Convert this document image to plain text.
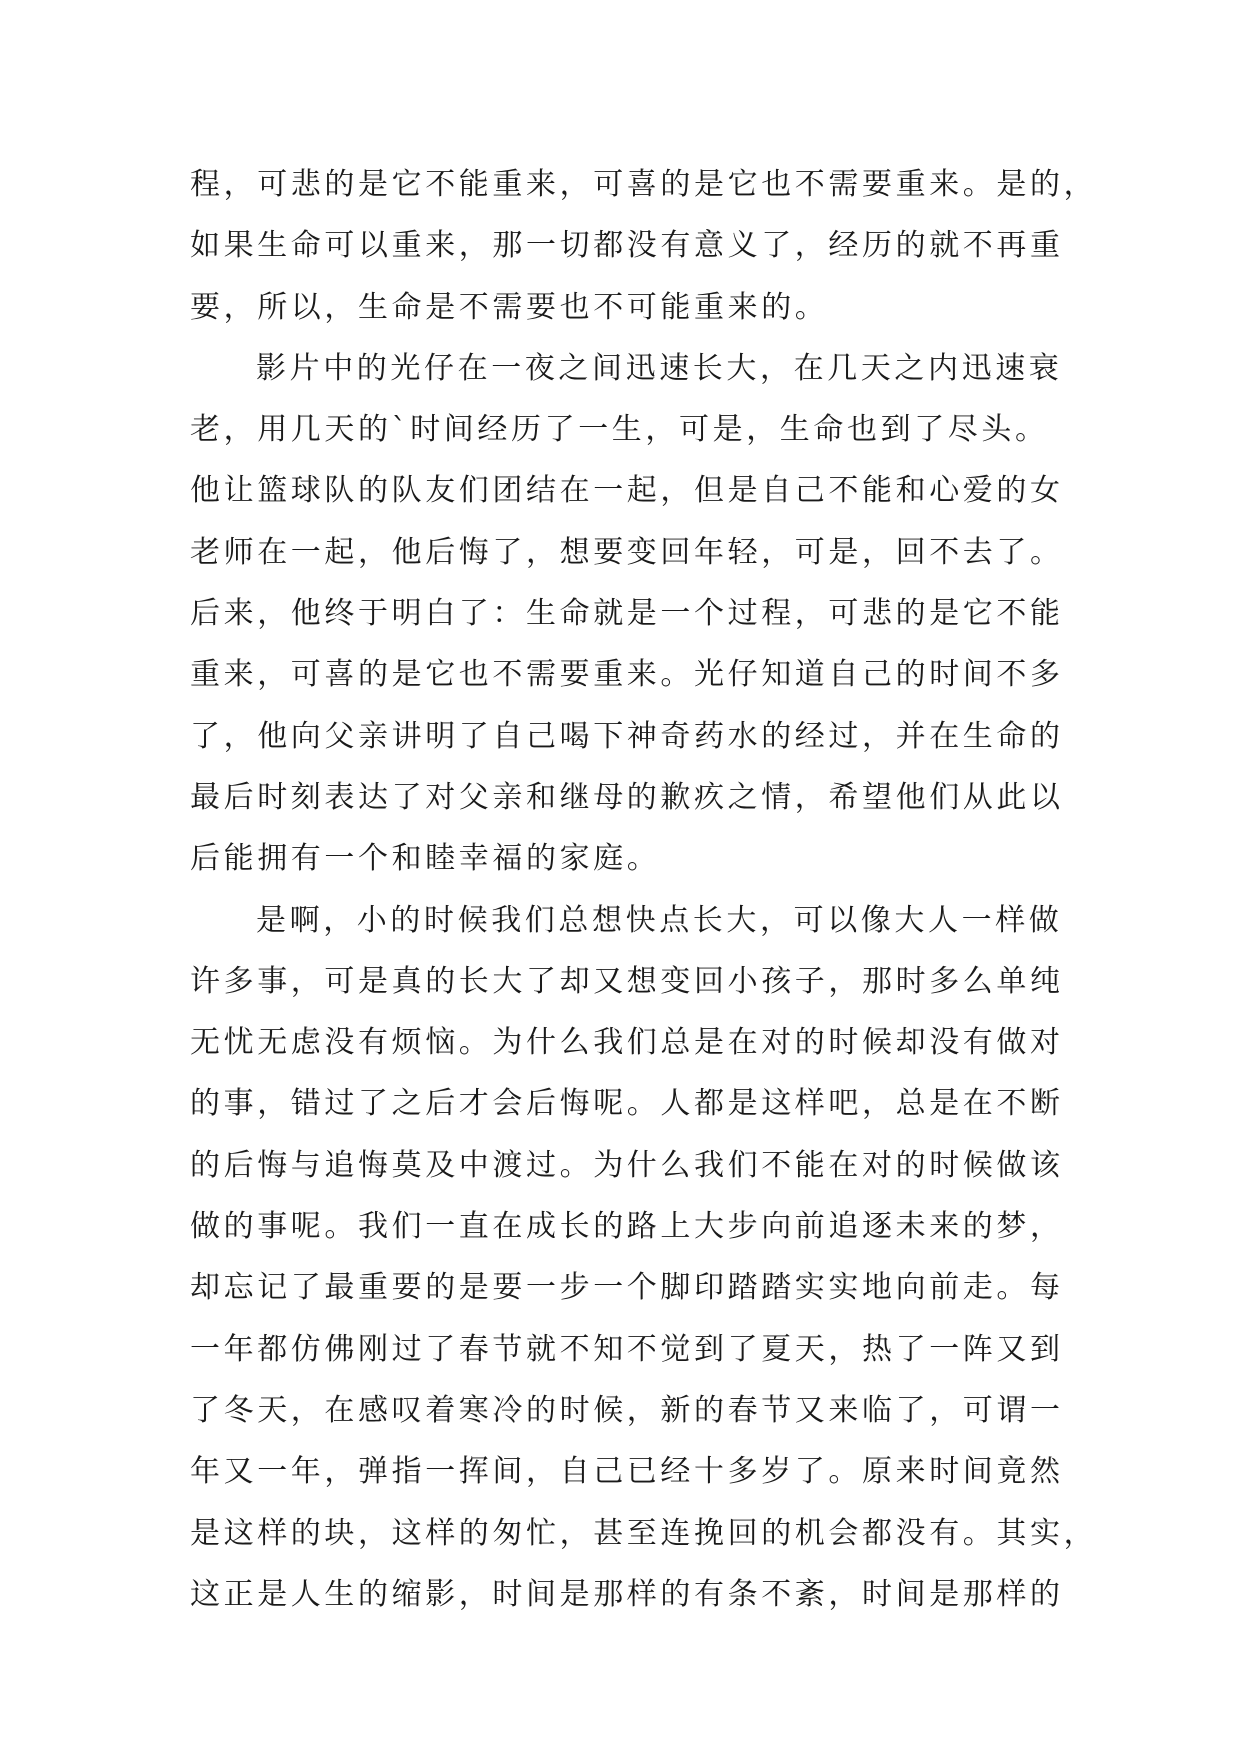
程，可悲的是它不能重来，可喜的是它也不需要重来。是的，
如果生命可以重来，那一切都没有意义了，经历的就不再重
要，所以，生命是不需要也不可能重来的。
影片中的光仔在一夜之间迅速长大，在几天之内迅速衰
老，用几天的`时间经历了一生，可是，生命也到了尽头。
他让篮球队的队友们团结在一起，但是自己不能和心爱的女
老师在一起，他后悔了，想要变回年轻，可是，回不去了。
后来，他终于明白了：生命就是一个过程，可悲的是它不能
重来，可喜的是它也不需要重来。光仔知道自己的时间不多
了，他向父亲讲明了自己喝下神奇药水的经过，并在生命的
最后时刻表达了对父亲和继母的歉疚之情，希望他们从此以
后能拥有一个和睦幸福的家庭。
是啊，小的时候我们总想快点长大，可以像大人一样做
许多事，可是真的长大了却又想变回小孩子，那时多么单纯
无忧无虑没有烦恼。为什么我们总是在对的时候却没有做对
的事，错过了之后才会后悔呢。人都是这样吧，总是在不断
的后悔与追悔莫及中渡过。为什么我们不能在对的时候做该
做的事呢。我们一直在成长的路上大步向前追逐未来的梦，
却忘记了最重要的是要一步一个脚印踏踏实实地向前走。每
一年都仿佛刚过了春节就不知不觉到了夏天，热了一阵又到
了冬天，在感叹着寒冷的时候，新的春节又来临了，可谓一
年又一年，弹指一挥间，自己已经十多岁了。原来时间竟然
是这样的块，这样的匆忙，甚至连挽回的机会都没有。其实，
这正是人生的缩影，时间是那样的有条不紊，时间是那样的
